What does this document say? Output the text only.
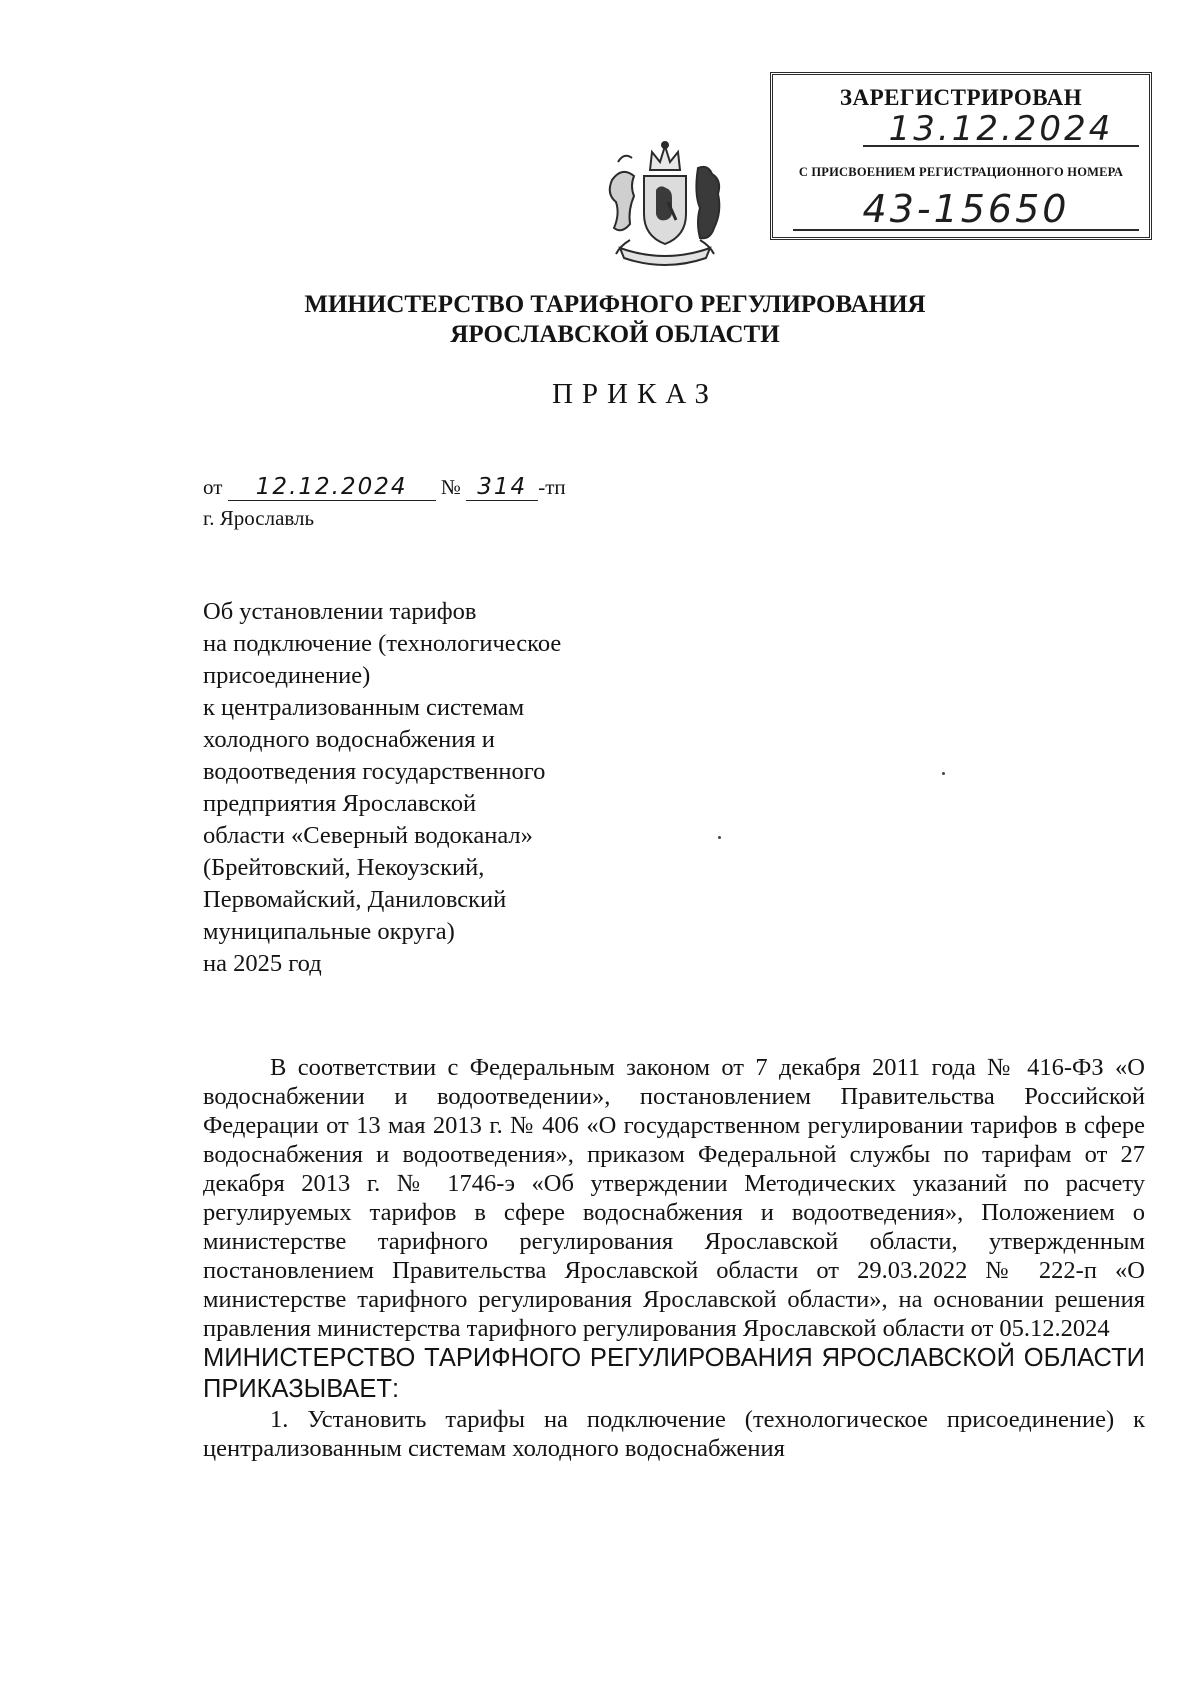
ЗАРЕГИСТРИРОВАН
13.12.2024
С ПРИСВОЕНИЕМ РЕГИСТРАЦИОННОГО НОМЕРА
43-15650
МИНИСТЕРСТВО ТАРИФНОГО РЕГУЛИРОВАНИЯ
ЯРОСЛАВСКОЙ ОБЛАСТИ
ПРИКАЗ
от 12.12.2024 № 314 -тп
г. Ярославль
Об установлении тарифов
на подключение (технологическое
присоединение)
к централизованным системам
холодного водоснабжения и
водоотведения государственного
предприятия Ярославской
области «Северный водоканал»
(Брейтовский, Некоузский,
Первомайский, Даниловский
муниципальные округа)
на 2025 год

В соответствии с Федеральным законом от 7 декабря 2011 года № 416-ФЗ «О водоснабжении и водоотведении», постановлением Правительства Российской Федерации от 13 мая 2013 г. № 406 «О государственном регулировании тарифов в сфере водоснабжения и водоотведения», приказом Федеральной службы по тарифам от 27 декабря 2013 г. № 1746-э «Об утверждении Методических указаний по расчету регулируемых тарифов в сфере водоснабжения и водоотведения», Положением о министерстве тарифного регулирования Ярославской области, утвержденным постановлением Правительства Ярославской области от 29.03.2022 № 222-п «О министерстве тарифного регулирования Ярославской области», на основании решения правления министерства тарифного регулирования Ярославской области от 05.12.2024

МИНИСТЕРСТВО ТАРИФНОГО РЕГУЛИРОВАНИЯ ЯРОСЛАВСКОЙ ОБЛАСТИ ПРИКАЗЫВАЕТ:

1. Установить тарифы на подключение (технологическое присоединение) к централизованным системам холодного водоснабжения
